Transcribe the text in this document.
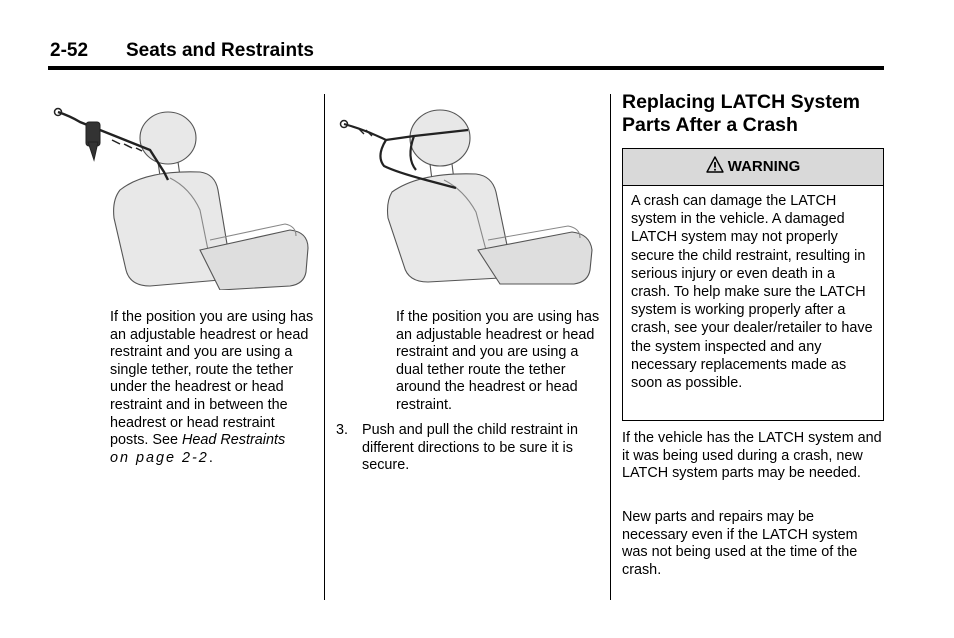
2-52 Seats and Restraints

If the position you are using has an adjustable headrest or head restraint and you are using a single tether, route the tether under the headrest or head restraint and in between the headrest or head restraint posts. See Head Restraints
on page 2‑2.

If the position you are using has an adjustable headrest or head restraint and you are using a dual tether route the tether around the headrest or head restraint.

3. Push and pull the child restraint in different directions to be sure it is secure.
Replacing LATCH System Parts After a Crash
WARNING
A crash can damage the LATCH system in the vehicle. A damaged LATCH system may not properly secure the child restraint, resulting in serious injury or even death in a crash. To help make sure the LATCH system is working properly after a crash, see your dealer/retailer to have the system inspected and any necessary replacements made as soon as possible.

If the vehicle has the LATCH system and it was being used during a crash, new LATCH system parts may be needed.

New parts and repairs may be necessary even if the LATCH system was not being used at the time of the crash.
